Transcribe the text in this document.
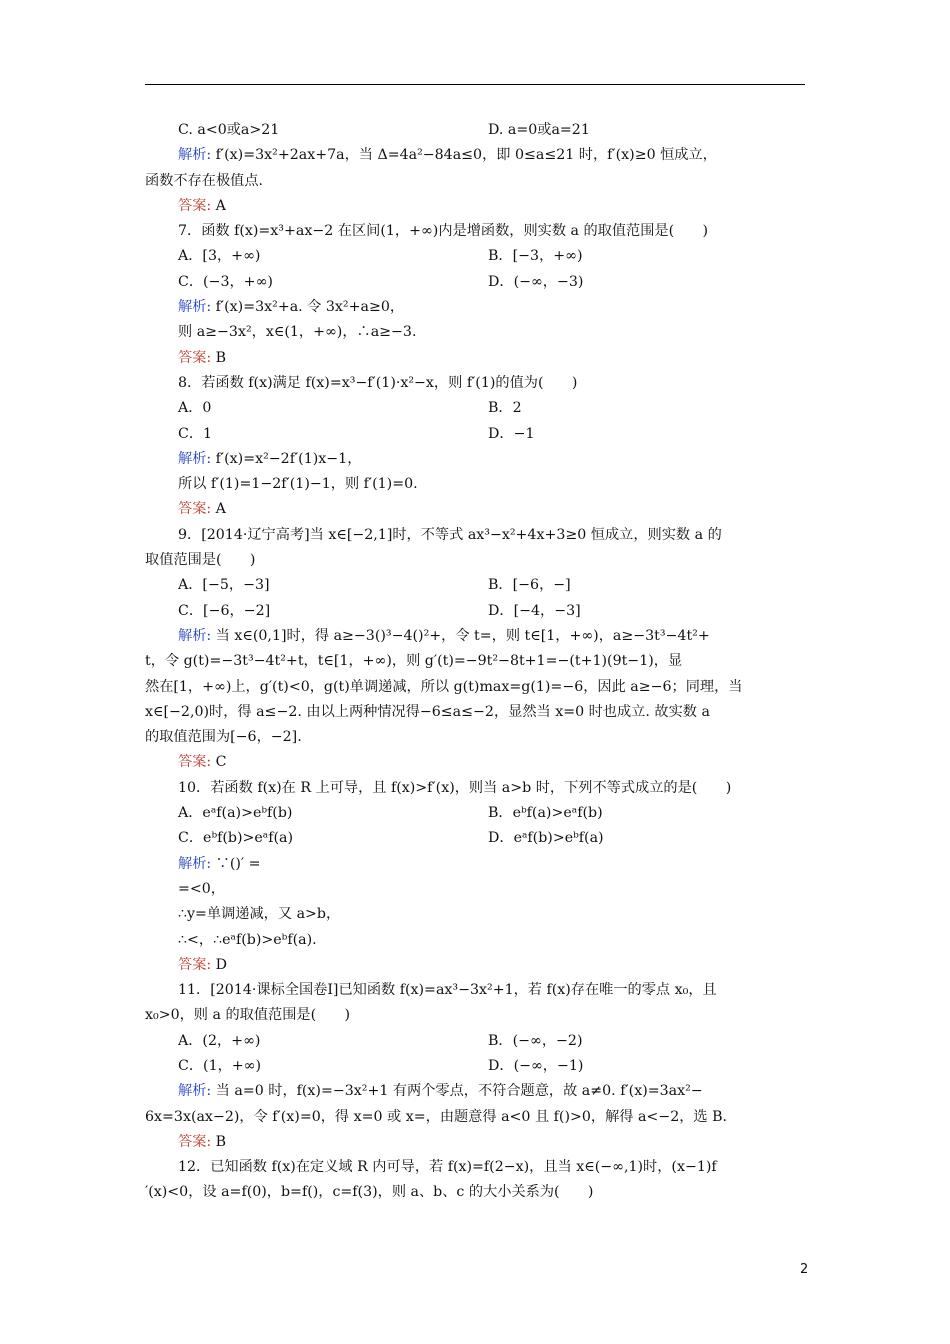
C. a<0或a>21	D. a=0或a=21
解析: f′(x)=3x²+2ax+7a，当 Δ=4a²−84a≤0，即 0≤a≤21 时，f′(x)≥0 恒成立，
函数不存在极值点.
答案: A
7．函数 f(x)=x³+ax−2 在区间(1，+∞)内是增函数，则实数 a 的取值范围是(　　)
A．[3，+∞)	B．[−3，+∞)
C．(−3，+∞)	D．(−∞，−3)
解析: f′(x)=3x²+a. 令 3x²+a≥0，
则 a≥−3x²，x∈(1，+∞)，∴a≥−3.
答案: B
8．若函数 f(x)满足 f(x)=x³−f′(1)·x²−x，则 f′(1)的值为(　　)
A．0	B．2
C．1	D．−1
解析: f′(x)=x²−2f′(1)x−1，
所以 f′(1)=1−2f′(1)−1，则 f′(1)=0.
答案: A
9．[2014·辽宁高考]当 x∈[−2,1]时，不等式 ax³−x²+4x+3≥0 恒成立，则实数 a 的
取值范围是(　　)
A．[−5，−3]	B．[−6，−]
C．[−6，−2]	D．[−4，−3]
解析: 当 x∈(0,1]时，得 a≥−3()³−4()²+，令 t=，则 t∈[1，+∞)，a≥−3t³−4t²+
t，令 g(t)=−3t³−4t²+t，t∈[1，+∞)，则 g′(t)=−9t²−8t+1=−(t+1)(9t−1)，显
然在[1，+∞)上，g′(t)<0，g(t)单调递减，所以 g(t)max=g(1)=−6，因此 a≥−6；同理，当
x∈[−2,0)时，得 a≤−2. 由以上两种情况得−6≤a≤−2，显然当 x=0 时也成立. 故实数 a
的取值范围为[−6，−2].
答案: C
10．若函数 f(x)在 R 上可导，且 f(x)>f′(x)，则当 a>b 时，下列不等式成立的是(　　)
A．eᵃf(a)>eᵇf(b)	B．eᵇf(a)>eᵃf(b)
C．eᵇf(b)>eᵃf(a)	D．eᵃf(b)>eᵇf(a)
解析: ∵()′ =
=<0，
∴y=单调递减，又 a>b，
∴<，∴eᵃf(b)>eᵇf(a).
答案: D
11．[2014·课标全国卷Ⅰ]已知函数 f(x)=ax³−3x²+1，若 f(x)存在唯一的零点 x₀，且
x₀>0，则 a 的取值范围是(　　)
A．(2，+∞)	B．(−∞，−2)
C．(1，+∞)	D．(−∞，−1)
解析: 当 a=0 时，f(x)=−3x²+1 有两个零点，不符合题意，故 a≠0. f′(x)=3ax²−
6x=3x(ax−2)，令 f′(x)=0，得 x=0 或 x=，由题意得 a<0 且 f()>0，解得 a<−2，选 B.
答案: B
12．已知函数 f(x)在定义域 R 内可导，若 f(x)=f(2−x)，且当 x∈(−∞,1)时，(x−1)f
′(x)<0，设 a=f(0)，b=f()，c=f(3)，则 a、b、c 的大小关系为(　　)
2
